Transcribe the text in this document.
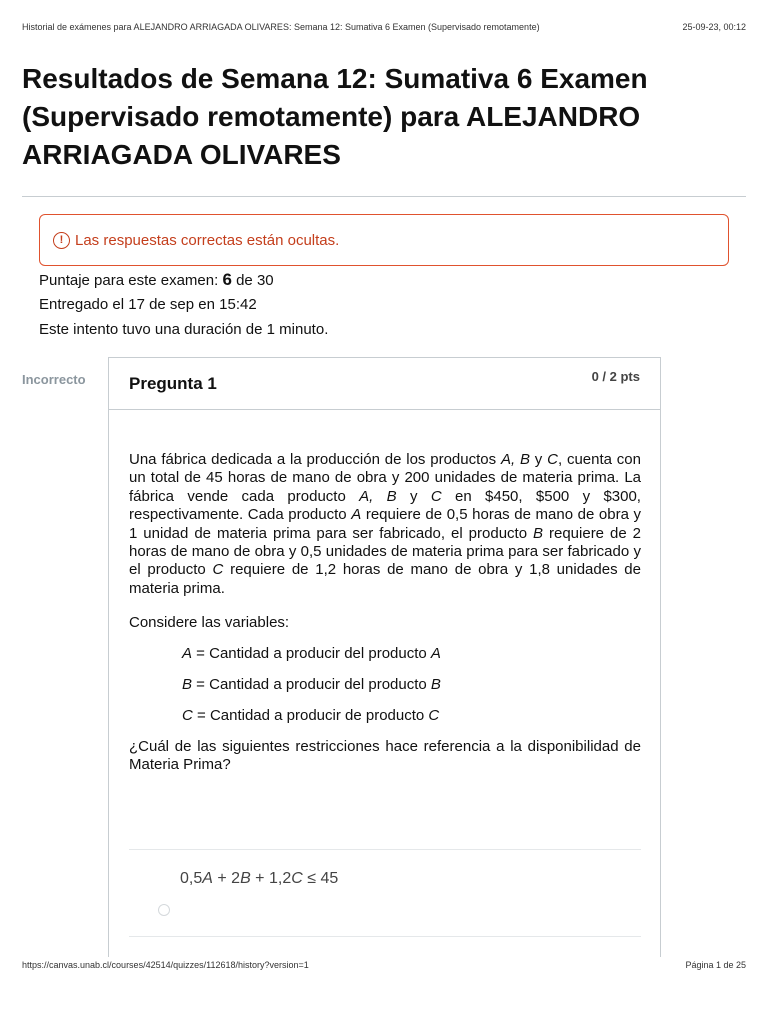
Historial de exámenes para ALEJANDRO ARRIAGADA OLIVARES: Semana 12: Sumativa 6 Examen (Supervisado remotamente)	25-09-23, 00:12
Resultados de Semana 12: Sumativa 6 Examen
(Supervisado remotamente) para ALEJANDRO
ARRIAGADA OLIVARES
! Las respuestas correctas están ocultas.
Puntaje para este examen: 6 de 30
Entregado el 17 de sep en 15:42
Este intento tuvo una duración de 1 minuto.
Incorrecto	Pregunta 1	0 / 2 pts

Una fábrica dedicada a la producción de los productos A, B y C, cuenta con un total de 45 horas de mano de obra y 200 unidades de materia prima. La fábrica vende cada producto A, B y C en $450, $500 y $300, respectivamente. Cada producto A requiere de 0,5 horas de mano de obra y 1 unidad de materia prima para ser fabricado, el producto B requiere de 2 horas de mano de obra y 0,5 unidades de materia prima para ser fabricado y el producto C requiere de 1,2 horas de mano de obra y 1,8 unidades de materia prima.

Considere las variables:
A = Cantidad a producir del producto A
B = Cantidad a producir del producto B
C = Cantidad a producir de producto C

¿Cuál de las siguientes restricciones hace referencia a la disponibilidad de Materia Prima?

0,5A + 2B + 1,2C ≤ 45
https://canvas.unab.cl/courses/42514/quizzes/112618/history?version=1	Página 1 de 25
